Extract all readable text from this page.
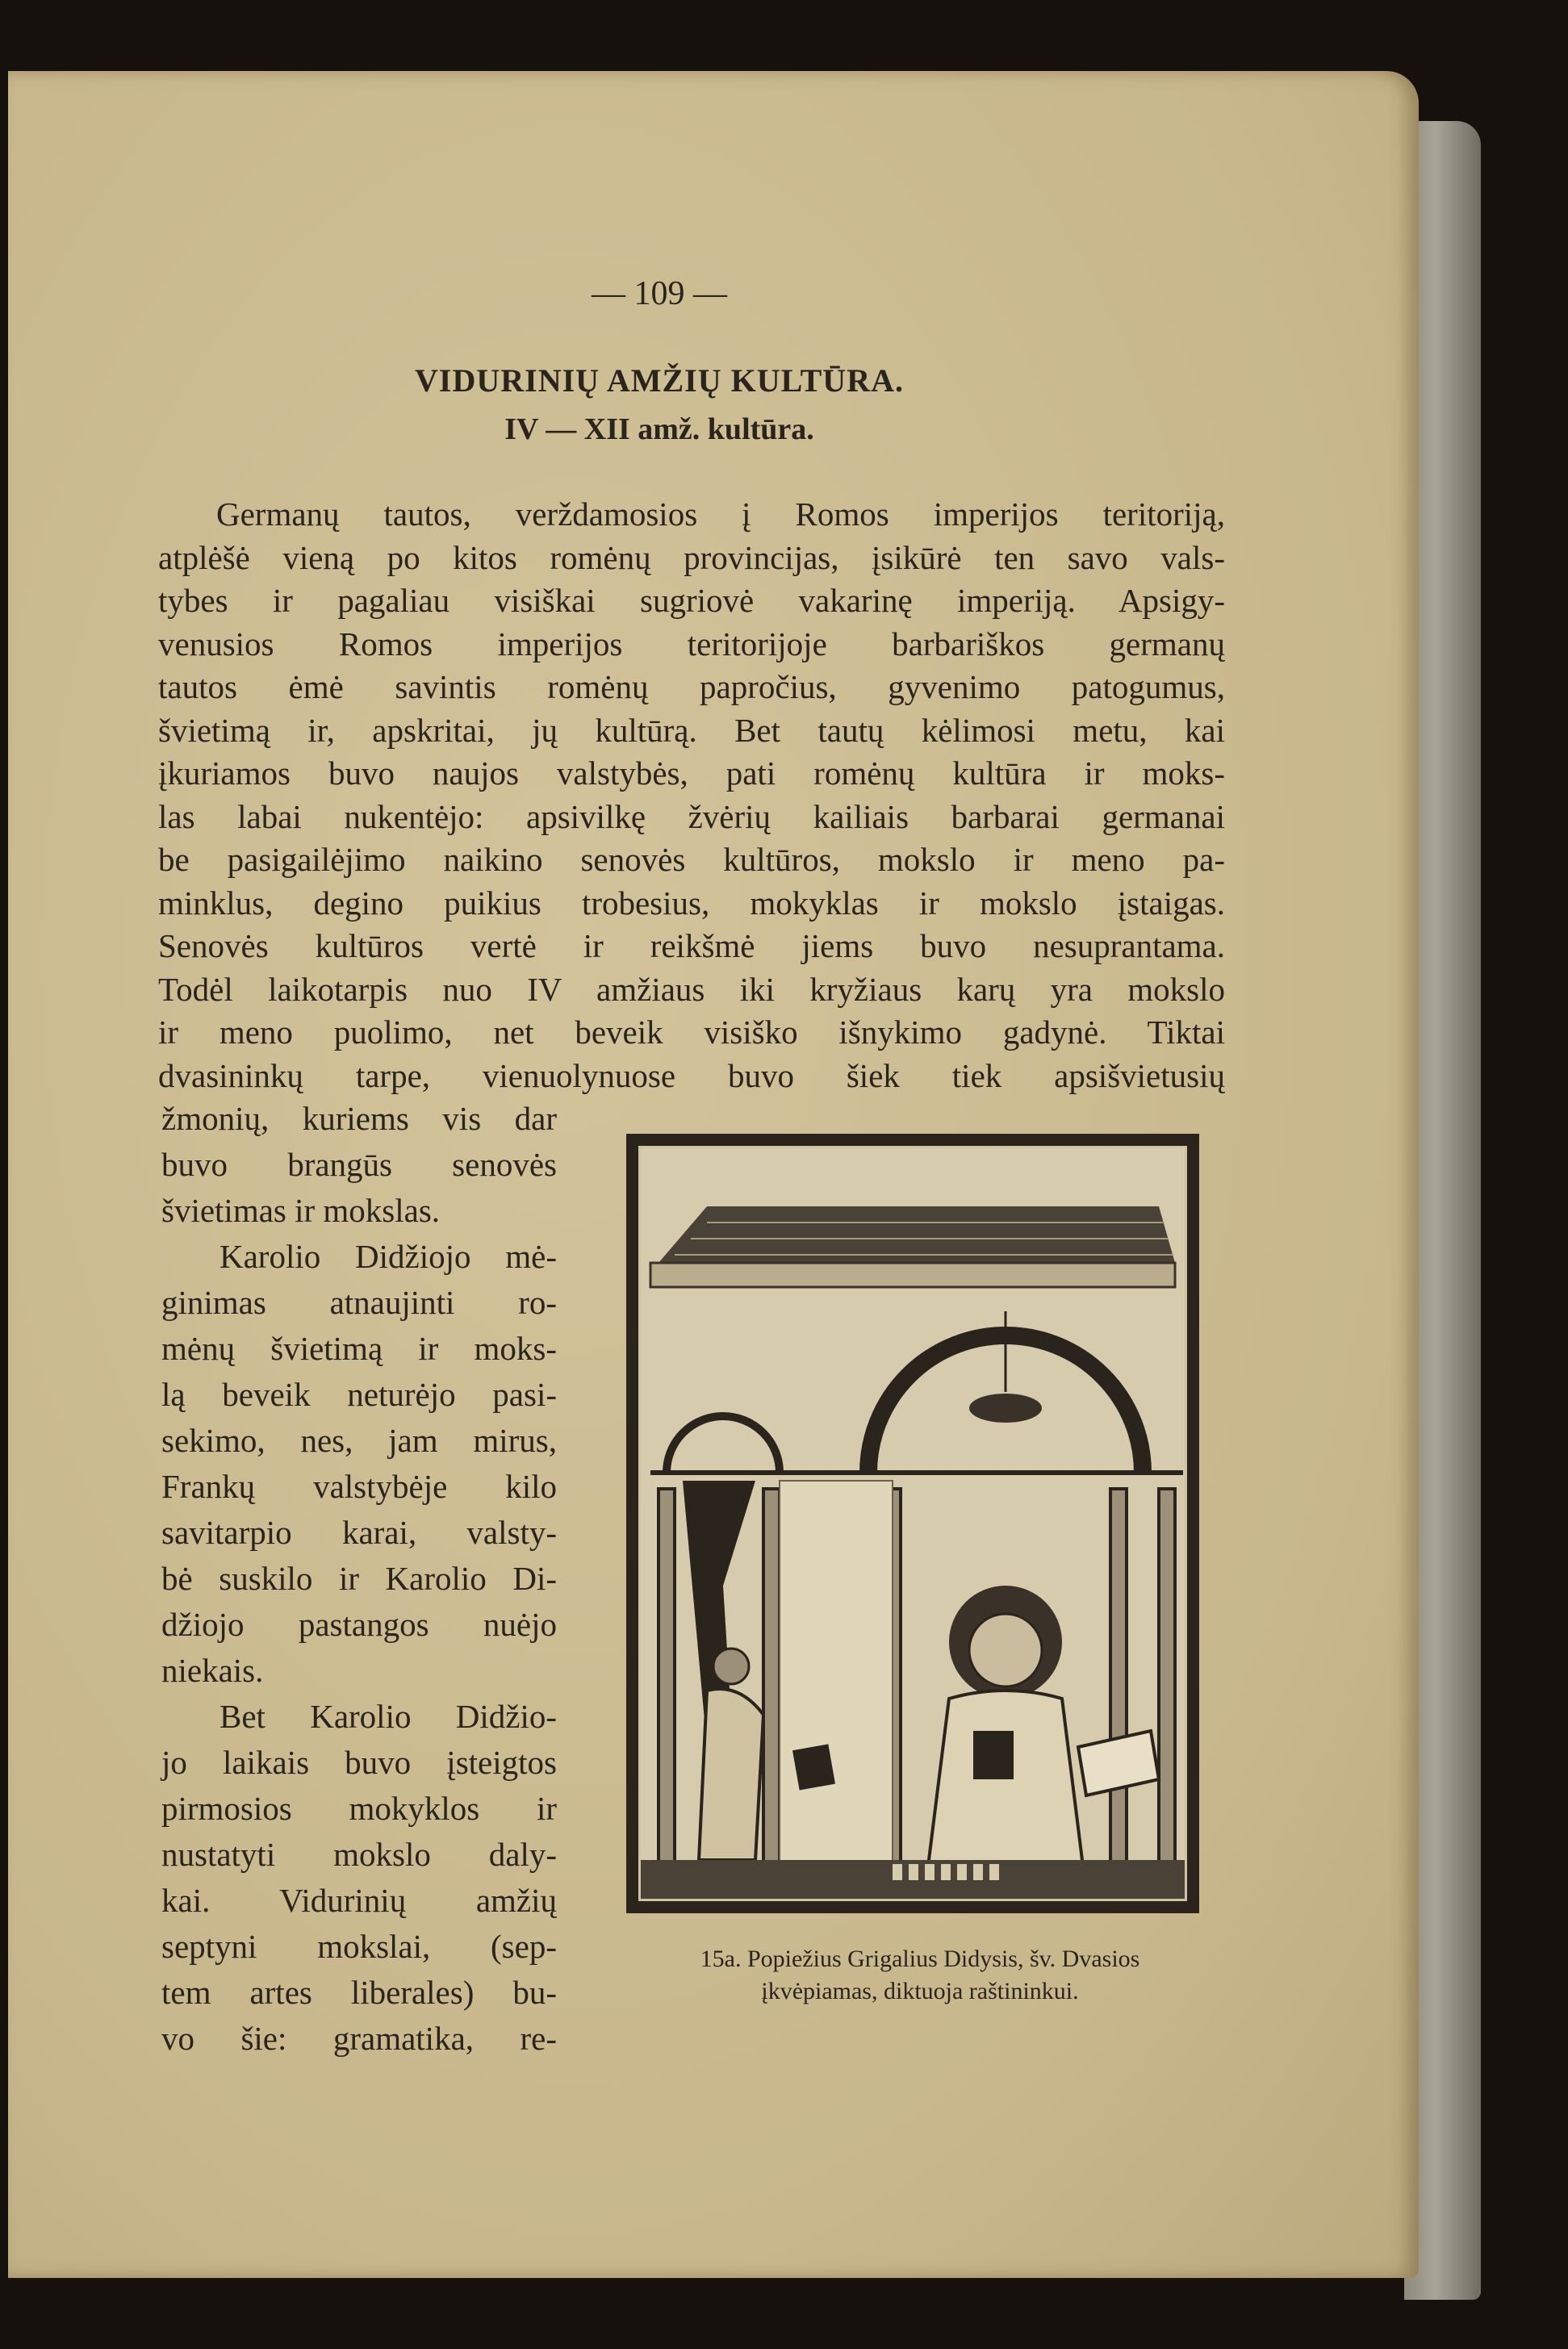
— 109 —
VIDURINIŲ AMŽIŲ KULTŪRA.
IV — XII amž. kultūra.
Germanų tautos, verždamosios į Romos imperijos teritoriją,
atplėšė vieną po kitos romėnų provincijas, įsikūrė ten savo vals-
tybes ir pagaliau visiškai sugriovė vakarinę imperiją. Apsigy-
venusios Romos imperijos teritorijoje barbariškos germanų
tautos ėmė savintis romėnų papročius, gyvenimo patogumus,
švietimą ir, apskritai, jų kultūrą. Bet tautų kėlimosi metu, kai
įkuriamos buvo naujos valstybės, pati romėnų kultūra ir moks-
las labai nukentėjo: apsivilkę žvėrių kailiais barbarai germanai
be pasigailėjimo naikino senovės kultūros, mokslo ir meno pa-
minklus, degino puikius trobesius, mokyklas ir mokslo įstaigas.
Senovės kultūros vertė ir reikšmė jiems buvo nesuprantama.
Todėl laikotarpis nuo IV amžiaus iki kryžiaus karų yra mokslo
ir meno puolimo, net beveik visiško išnykimo gadynė. Tiktai
dvasininkų tarpe, vienuolynuose buvo šiek tiek apsišvietusių
žmonių, kuriems vis dar
buvo brangūs senovės
švietimas ir mokslas.
Karolio Didžiojo mė-
ginimas atnaujinti ro-
mėnų švietimą ir moks-
lą beveik neturėjo pasi-
sekimo, nes, jam mirus,
Frankų valstybėje kilo
savitarpio karai, valsty-
bė suskilo ir Karolio Di-
džiojo pastangos nuėjo
niekais.
Bet Karolio Didžio-
jo laikais buvo įsteigtos
pirmosios mokyklos ir
nustatyti mokslo daly-
kai. Vidurinių amžių
septyni mokslai, (sep-
tem artes liberales) bu-
vo šie: gramatika, re-
15a. Popiežius Grigalius Didysis, šv. Dvasios
įkvėpiamas, diktuoja raštininkui.
